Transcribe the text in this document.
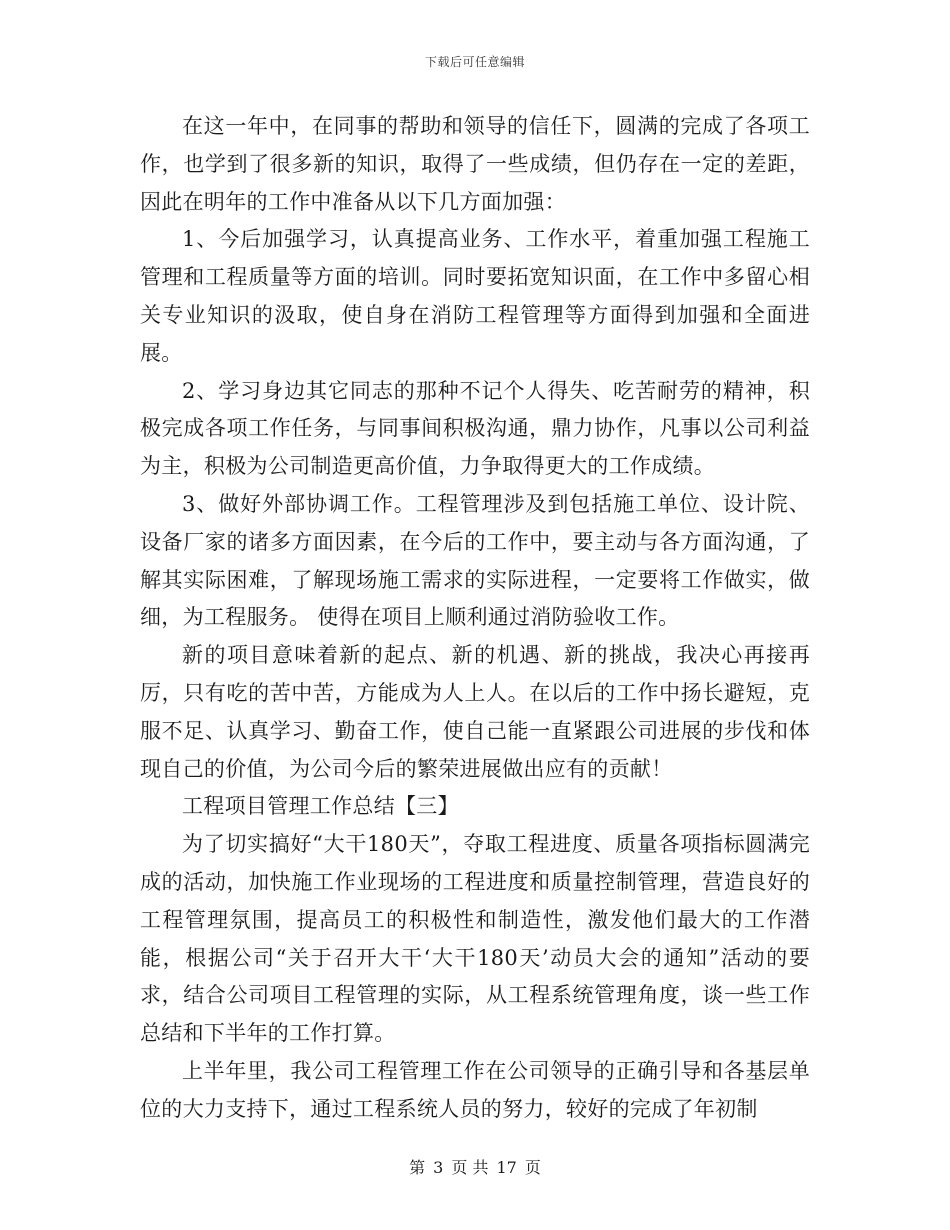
下载后可任意编辑

在这一年中，在同事的帮助和领导的信任下，圆满的完成了各项工作，也学到了很多新的知识，取得了一些成绩，但仍存在一定的差距，因此在明年的工作中准备从以下几方面加强：

1、今后加强学习，认真提高业务、工作水平，着重加强工程施工管理和工程质量等方面的培训。同时要拓宽知识面，在工作中多留心相关专业知识的汲取，使自身在消防工程管理等方面得到加强和全面进展。

2、学习身边其它同志的那种不记个人得失、吃苦耐劳的精神，积极完成各项工作任务，与同事间积极沟通，鼎力协作，凡事以公司利益为主，积极为公司制造更高价值，力争取得更大的工作成绩。

3、做好外部协调工作。工程管理涉及到包括施工单位、设计院、设备厂家的诸多方面因素，在今后的工作中，要主动与各方面沟通，了解其实际困难，了解现场施工需求的实际进程，一定要将工作做实，做细，为工程服务。 使得在项目上顺利通过消防验收工作。

新的项目意味着新的起点、新的机遇、新的挑战，我决心再接再厉，只有吃的苦中苦，方能成为人上人。在以后的工作中扬长避短，克服不足、认真学习、勤奋工作，使自己能一直紧跟公司进展的步伐和体现自己的价值，为公司今后的繁荣进展做出应有的贡献！

工程项目管理工作总结【三】

为了切实搞好“大干180天”，夺取工程进度、质量各项指标圆满完成的活动，加快施工作业现场的工程进度和质量控制管理，营造良好的工程管理氛围，提高员工的积极性和制造性，激发他们最大的工作潜能，根据公司“关于召开大干‘大干180天’动员大会的通知”活动的要求，结合公司项目工程管理的实际，从工程系统管理角度，谈一些工作总结和下半年的工作打算。

上半年里，我公司工程管理工作在公司领导的正确引导和各基层单位的大力支持下，通过工程系统人员的努力，较好的完成了年初制

第 3 页 共 17 页
